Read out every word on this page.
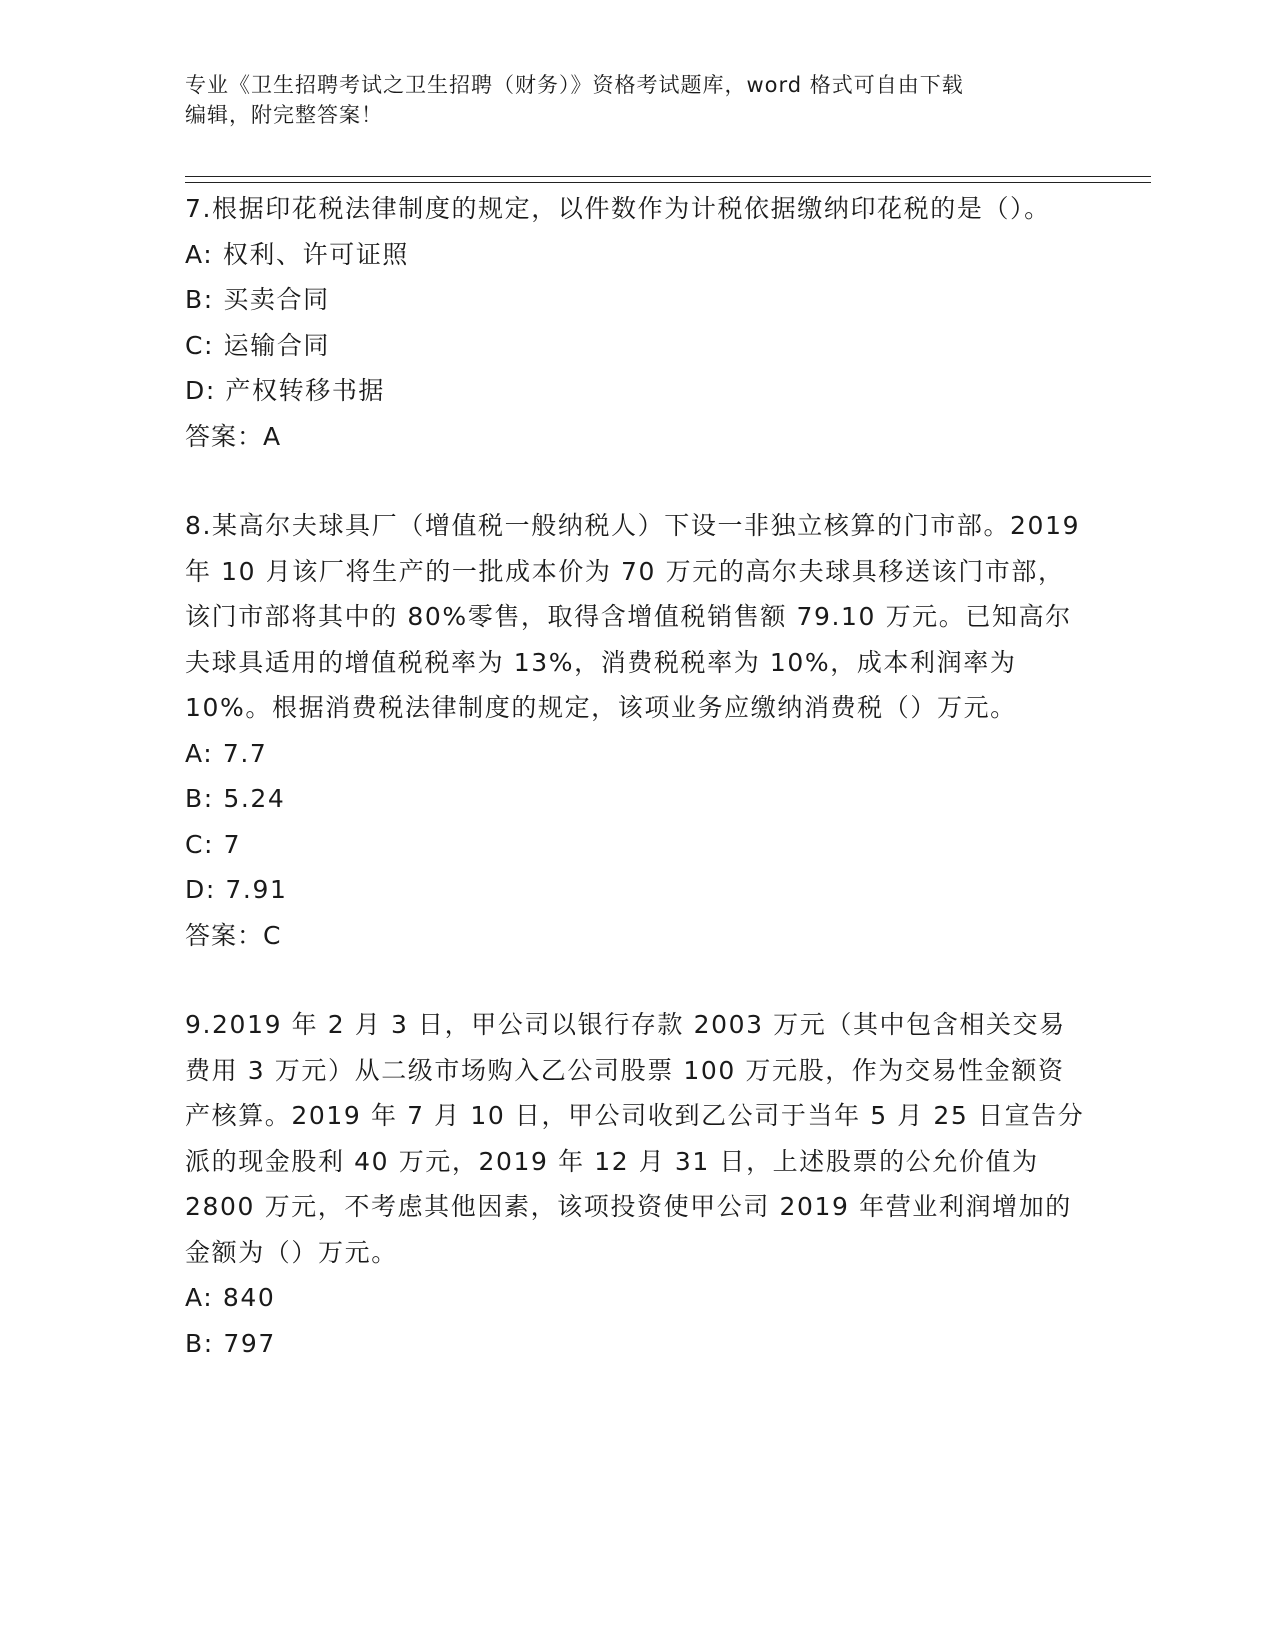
专业《卫生招聘考试之卫生招聘（财务）》资格考试题库，word 格式可自由下载
编辑，附完整答案！
7.根据印花税法律制度的规定，以件数作为计税依据缴纳印花税的是（）。
A: 权利、许可证照
B: 买卖合同
C: 运输合同
D: 产权转移书据
答案：A
8.某高尔夫球具厂（增值税一般纳税人）下设一非独立核算的门市部。2019 年 10 月该厂将生产的一批成本价为 70 万元的高尔夫球具移送该门市部，该门市部将其中的 80%零售，取得含增值税销售额 79.10 万元。已知高尔夫球具适用的增值税税率为 13%，消费税税率为 10%，成本利润率为 10%。根据消费税法律制度的规定，该项业务应缴纳消费税（）万元。
A: 7.7
B: 5.24
C: 7
D: 7.91
答案：C
9.2019 年 2 月 3 日，甲公司以银行存款 2003 万元（其中包含相关交易费用 3 万元）从二级市场购入乙公司股票 100 万元股，作为交易性金额资产核算。2019 年 7 月 10 日，甲公司收到乙公司于当年 5 月 25 日宣告分派的现金股利 40 万元，2019 年 12 月 31 日，上述股票的公允价值为 2800 万元，不考虑其他因素，该项投资使甲公司 2019 年营业利润增加的金额为（）万元。
A: 840
B: 797
